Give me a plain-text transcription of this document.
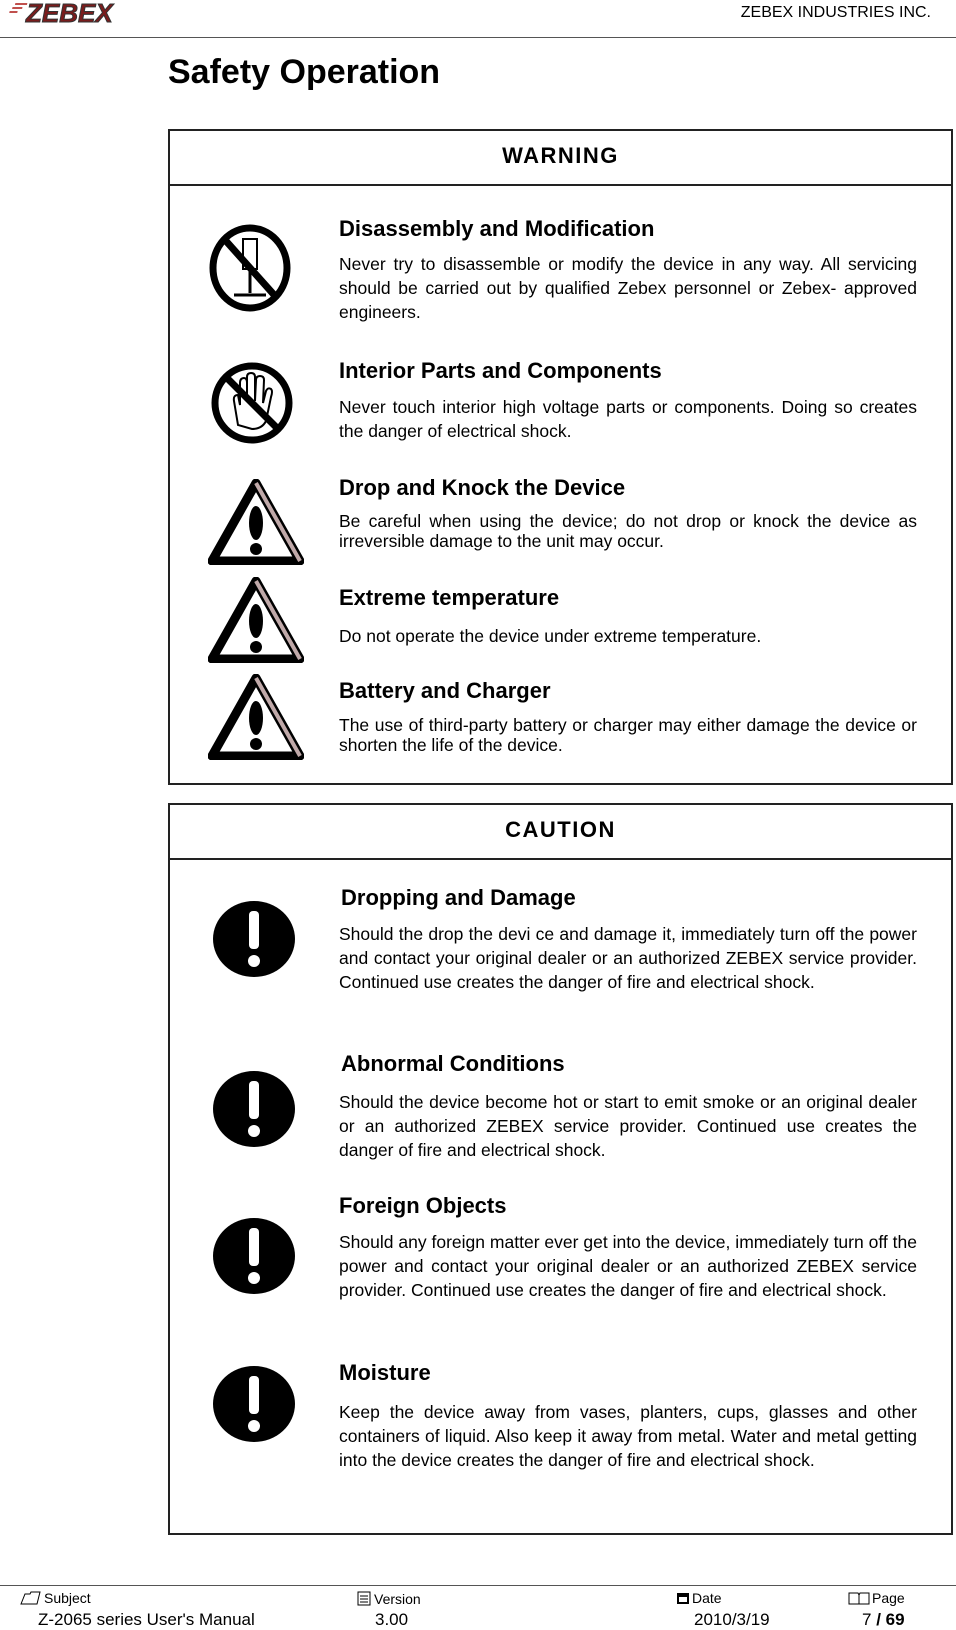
ZEBEX	ZEBEX INDUSTRIES INC.
Safety Operation
WARNING
Disassembly and Modification

Never try to disassemble or modify the device in any way. All servicing should be carried out by qualified Zebex personnel or Zebex- approved engineers.

Interior Parts and Components

Never touch interior high voltage parts or components. Doing so creates the danger of electrical shock.

Drop and Knock the Device

Be careful when using the device; do not drop or knock the device as irreversible damage to the unit may occur.

Extreme temperature

Do not operate the device under extreme temperature.

Battery and Charger

The use of third-party battery or charger may either damage the device or shorten the life of the device.

CAUTION
Dropping and Damage

Should the drop the devi ce and damage it, immediately turn off the power and contact your original dealer or an authorized ZEBEX service provider. Continued use creates the danger of fire and electrical shock.

Abnormal Conditions

Should the device become hot or start to emit smoke or an original dealer or an authorized ZEBEX service provider. Continued use creates the danger of fire and electrical shock.

Foreign Objects

Should any foreign matter ever get into the device, immediately turn off the power and contact your original dealer or an authorized ZEBEX service provider. Continued use creates the danger of fire and electrical shock.

Moisture

Keep the device away from vases, planters, cups, glasses and other containers of liquid. Also keep it away from metal. Water and metal getting into the device creates the danger of fire and electrical shock.

Subject	Version	Date	Page
Z-2065 series User's Manual	3.00	2010/3/19	7 / 69
